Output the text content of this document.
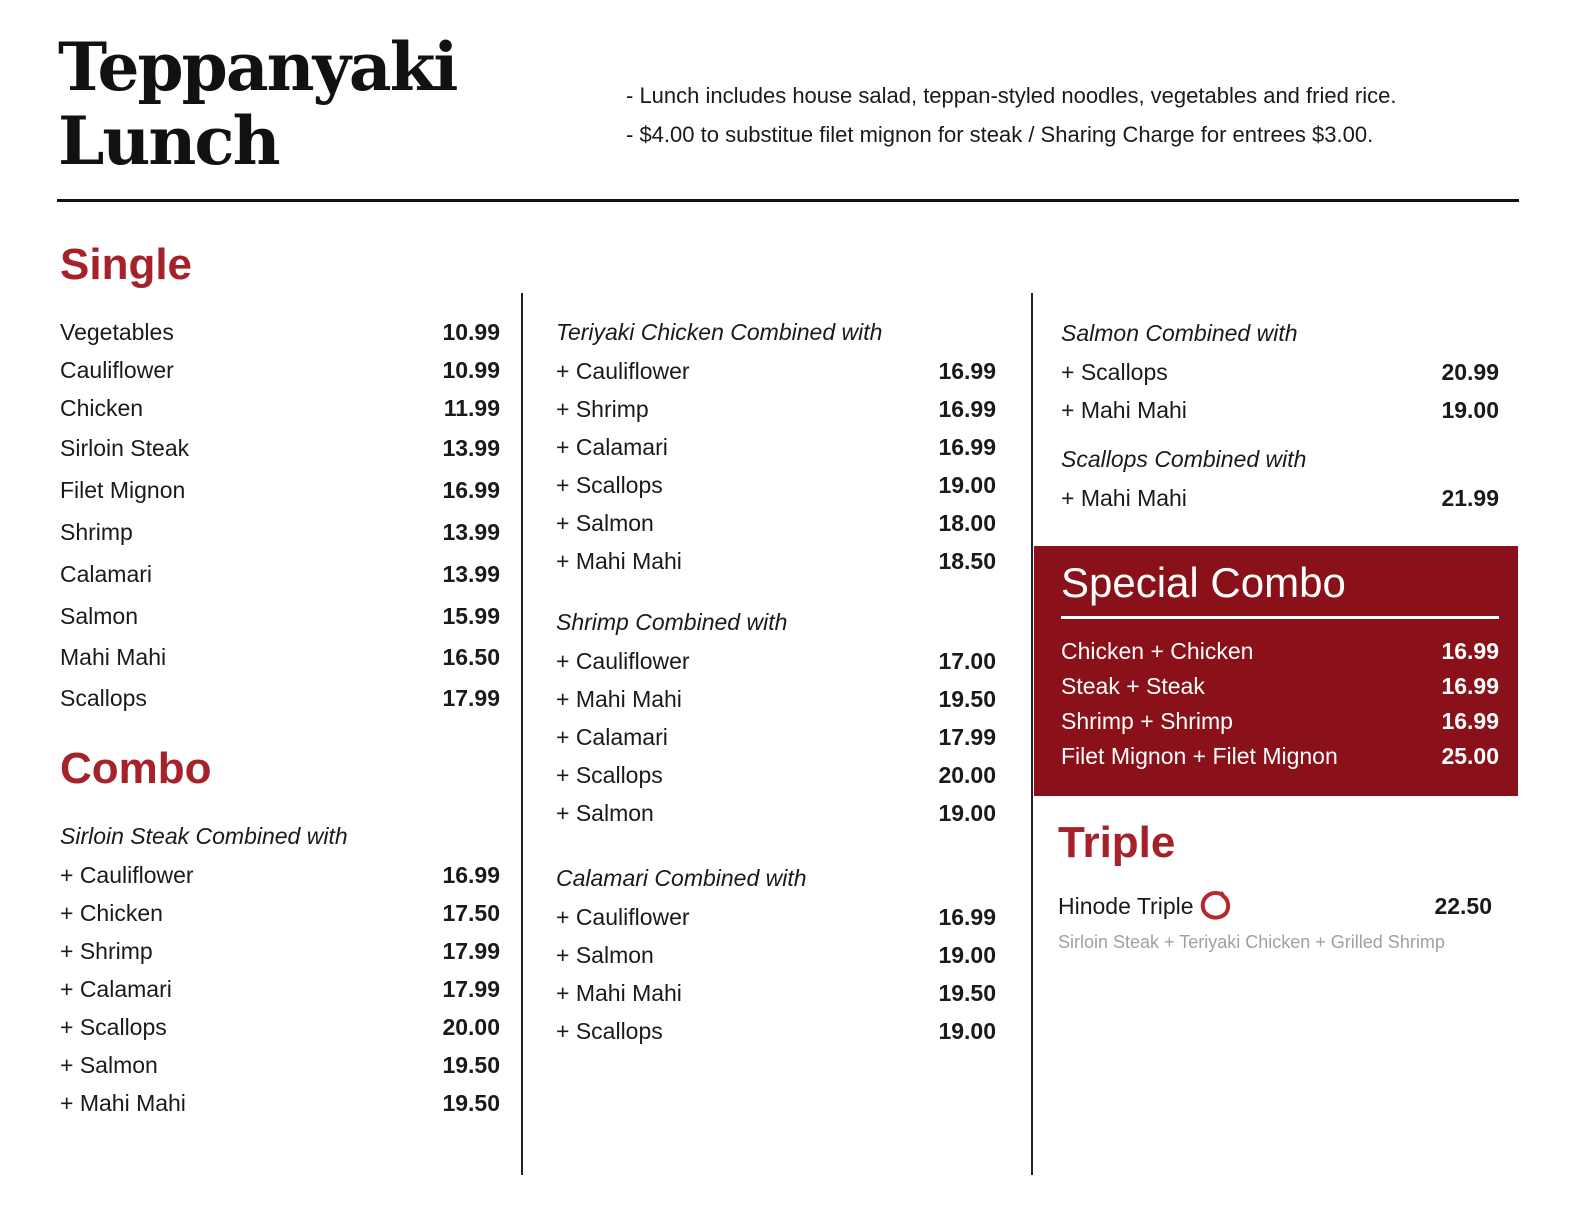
Teppanyaki
Lunch
- Lunch includes house salad, teppan-styled noodles, vegetables and fried rice.
- $4.00 to substitue filet mignon for steak / Sharing Charge for entrees $3.00.
Single
Vegetables	10.99
Cauliflower	10.99
Chicken	11.99
Sirloin Steak	13.99
Filet Mignon	16.99
Shrimp	13.99
Calamari	13.99
Salmon	15.99
Mahi Mahi	16.50
Scallops	17.99
Combo
Sirloin Steak Combined with
+ Cauliflower	16.99
+ Chicken	17.50
+ Shrimp	17.99
+ Calamari	17.99
+ Scallops	20.00
+ Salmon	19.50
+ Mahi Mahi	19.50
Teriyaki Chicken Combined with
+ Cauliflower	16.99
+ Shrimp	16.99
+ Calamari	16.99
+ Scallops	19.00
+ Salmon	18.00
+ Mahi Mahi	18.50
Shrimp Combined with
+ Cauliflower	17.00
+ Mahi Mahi	19.50
+ Calamari	17.99
+ Scallops	20.00
+ Salmon	19.00
Calamari Combined with
+ Cauliflower	16.99
+ Salmon	19.00
+ Mahi Mahi	19.50
+ Scallops	19.00
Salmon Combined with
+ Scallops	20.99
+ Mahi Mahi	19.00
Scallops Combined with
+ Mahi Mahi	21.99
Special Combo
Chicken + Chicken	16.99
Steak + Steak	16.99
Shrimp + Shrimp	16.99
Filet Mignon + Filet Mignon	25.00
Triple
Hinode Triple	22.50
Sirloin Steak + Teriyaki Chicken + Grilled Shrimp
